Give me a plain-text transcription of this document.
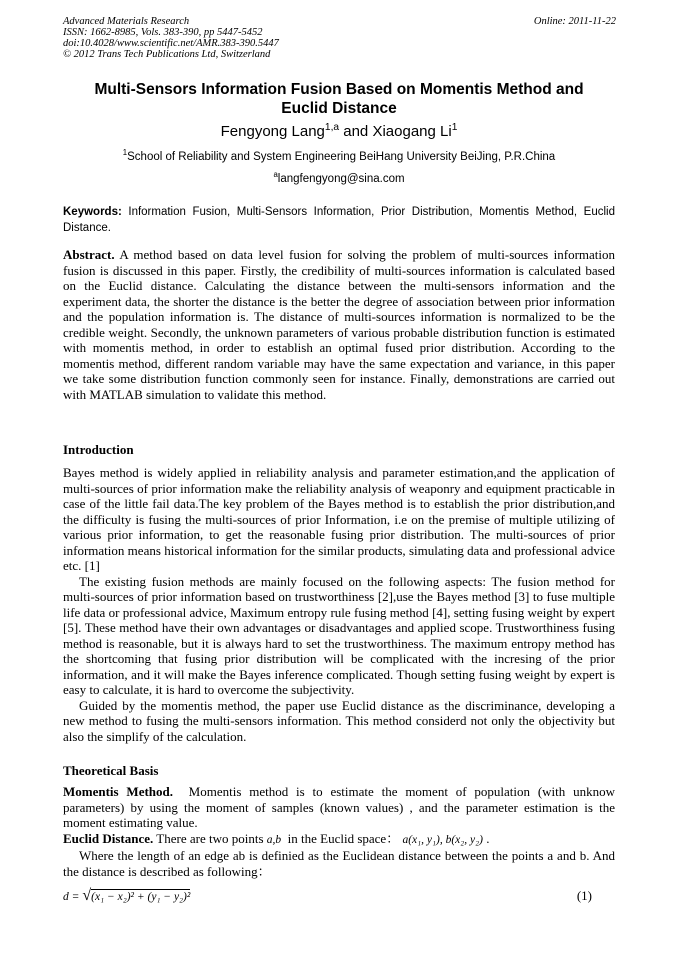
Advanced Materials Research
ISSN: 1662-8985, Vols. 383-390, pp 5447-5452
doi:10.4028/www.scientific.net/AMR.383-390.5447
© 2012 Trans Tech Publications Ltd, Switzerland
Online: 2011-11-22
Multi-Sensors Information Fusion Based on Momentis Method and
Euclid Distance
Fengyong Lang$^{1,a}$ and Xiaogang Li$^1$
$^1$School of Reliability and System Engineering BeiHang University BeiJing, P.R.China
$^a$langfengyong@sina.com
Keywords: Information Fusion, Multi-Sensors Information, Prior Distribution, Momentis Method, Euclid Distance.

Abstract. A method based on data level fusion for solving the problem of multi-sources information fusion is discussed in this paper. Firstly, the credibility of multi-sources information is calculated based on the Euclid distance. Calculating the distance between the multi-sensors information and the experiment data, the shorter the distance is the better the degree of association between prior information and the population information is. The distance of multi-sources information is normalized to be the credible weight. Secondly, the unknown parameters of various probable distribution function is estimated with momentis method, in order to establish an optimal fused prior distribution. According to the momentis method, different random variable may have the same expectation and variance, in this paper we take some distribution function commonly seen for instance. Finally, demonstrations are carried out with MATLAB simulation to validate this method.

Introduction

Bayes method is widely applied in reliability analysis and parameter estimation,and the application of multi-sources of prior information make the reliability analysis of weaponry and equipment practicable in case of the little fail data.The key problem of the Bayes method is to establish the prior distribution,and the difficulty is fusing the multi-sources of prior Information, i.e on the premise of multiple utilizing of various prior information, to get the reasonable fusing prior distribution. The multi-sources of prior information means historical information for the similar products, simulating data and professional advice etc. [1]

The existing fusion methods are mainly focused on the following aspects: The fusion method for multi-sources of prior information based on trustworthiness [2],use the Bayes method [3] to fuse multiple life data or professional advice, Maximum entropy rule fusing method [4], setting fusing weight by expert [5]. These method have their own advantages or disadvantages and applied scope. Trustworthiness fusing method is reasonable, but it is always hard to set the trustworthiness. The maximum entropy method has the shortcoming that fusing prior distribution will be complicated with the incresing of the prior information, and it will make the Bayes inference complicated. Though setting fusing weight by expert is easy to calculate, it is hard to overcome the subjectivity.

Guided by the momentis method, the paper use Euclid distance as the discriminance, developing a new method to fusing the multi-sensors information. This method considerd not only the objectivity but also the simplify of the calculation.

Theoretical Basis

Momentis Method.  Momentis method is to estimate the moment of population (with unknow parameters) by using the moment of samples (known values) , and the parameter estimation is the moment estimating value.

Euclid Distance. There are two points a,b  in the Euclid space： a(x₁, y₁), b(x₂, y₂) .

Where the length of an edge ab is definied as the Euclidean distance between the points a and b. And the distance is described as following：

d = √(x₁ − x₂)² + (y₁ − y₂)²	(1)
